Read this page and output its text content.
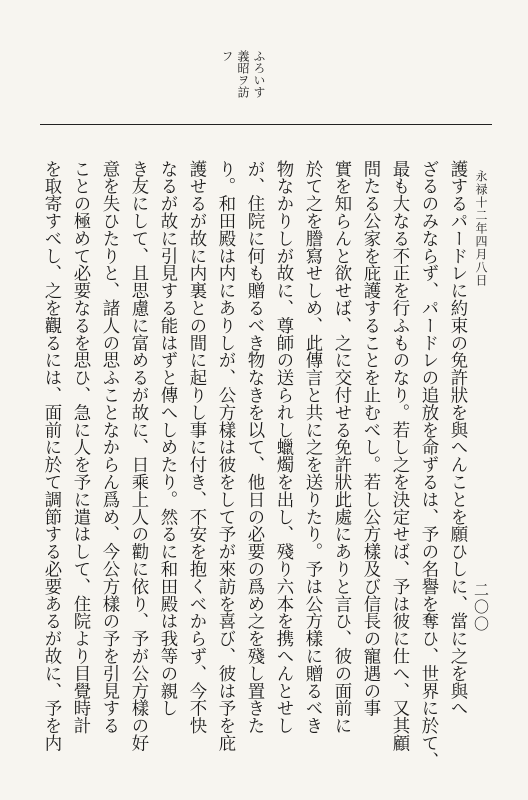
ふろいす
義昭ヲ訪
フ
永禄十二年四月八日
二〇〇
護するパードレに約束の免許狀を與へんことを願ひしに、當に之を與へ
ざるのみならず、パードレの追放を命ずるは、予の名譽を奪ひ、世界に於て、
最も大なる不正を行ふものなり。若し之を決定せば、予は彼に仕へ、又其顧
問たる公家を庇護することを止むべし。若し公方樣及び信長の寵遇の事
實を知らんと欲せば、之に交付せる免許狀此處にありと言ひ、彼の面前に
於て之を謄寫せしめ、此傳言と共に之を送りたり。予は公方樣に贈るべき
物なかりしが故に、尊師の送られし蠟燭を出し、殘り六本を携へんとせし
が、住院に何も贈るべき物なきを以て、他日の必要の爲め之を殘し置きた
り。和田殿は内にありしが、公方樣は彼をして予が來訪を喜び、彼は予を庇
護せるが故に内裏との間に起りし事に付き、不安を抱くべからず、今不快
なるが故に引見する能はずと傳へしめたり。然るに和田殿は我等の親し
き友にして、且思慮に富めるが故に、日乘上人の勸に依り、予が公方樣の好
意を失ひたりと、諸人の思ふことなからん爲め、今公方樣の予を引見する
ことの極めて必要なるを思ひ、急に人を予に遣はして、住院より目覺時計
を取寄すべし、之を觀るには、面前に於て調節する必要あるが故に、予を内
